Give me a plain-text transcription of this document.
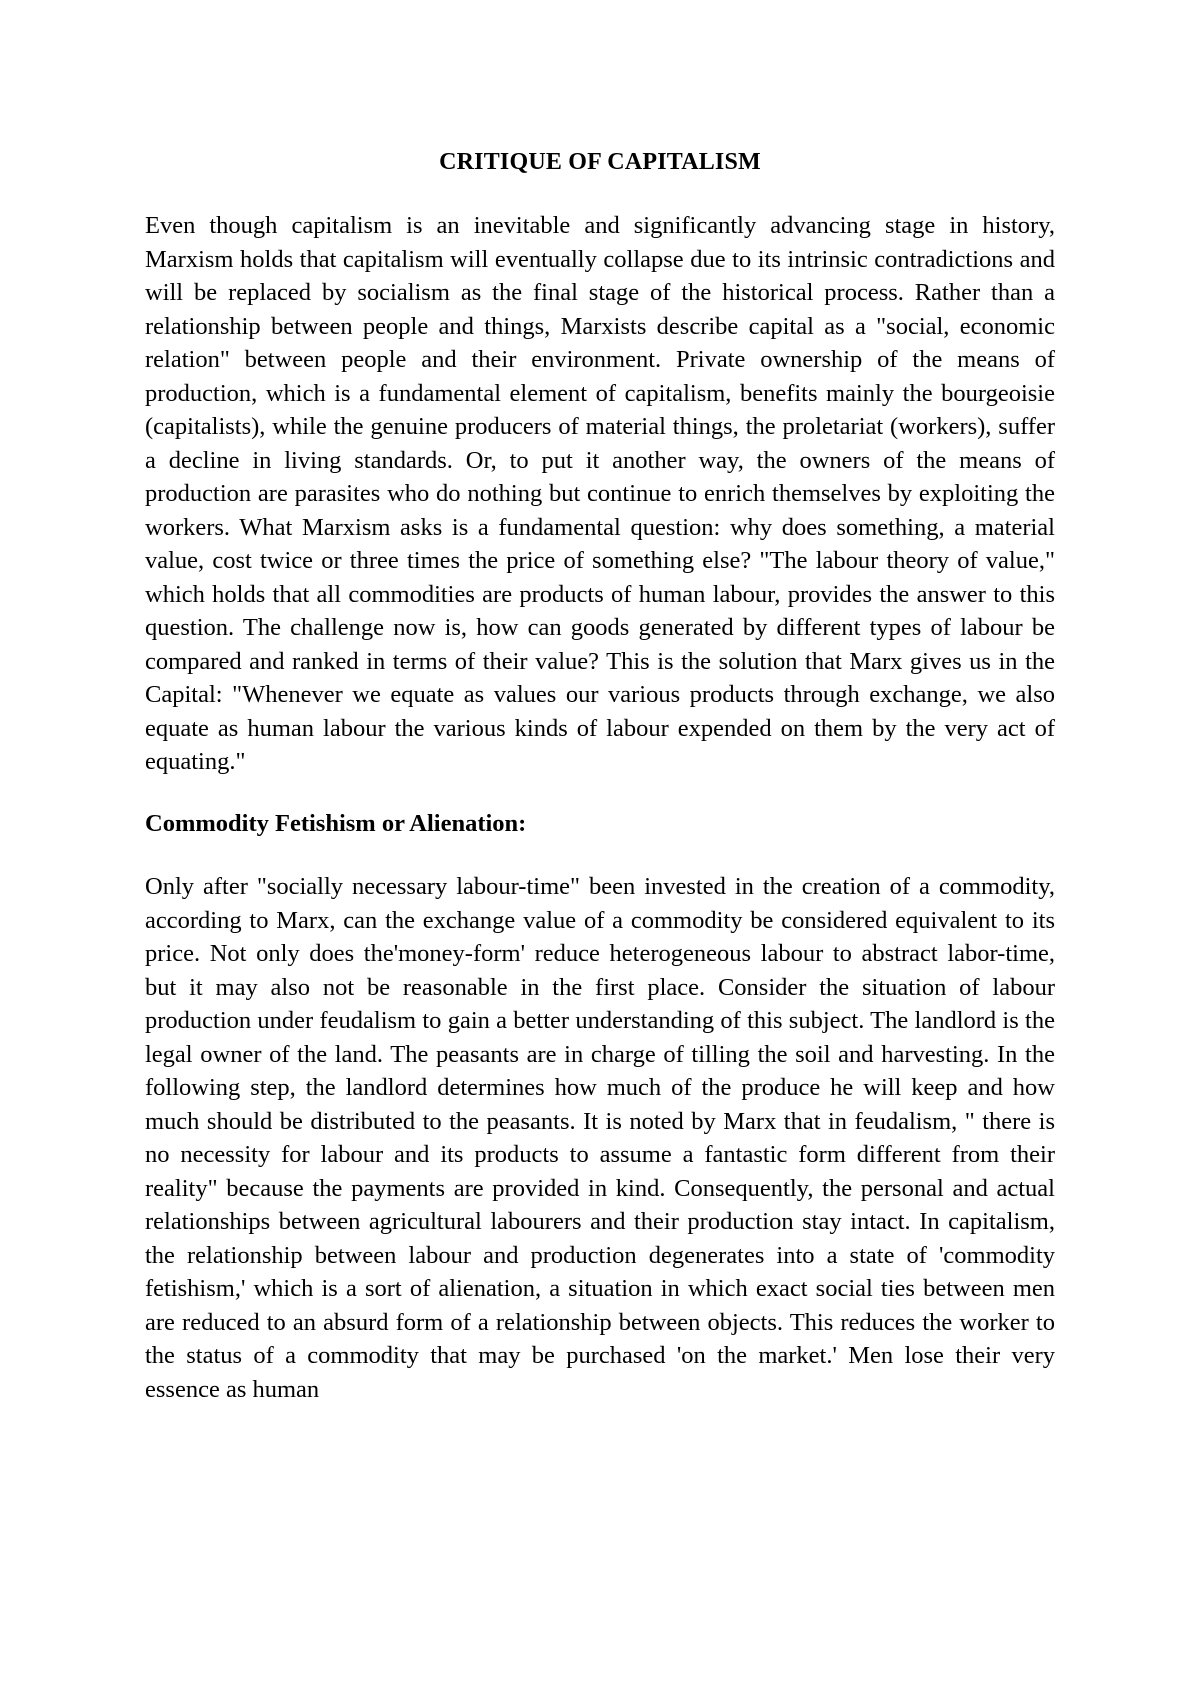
CRITIQUE OF CAPITALISM

Even though capitalism is an inevitable and significantly advancing stage in history, Marxism holds that capitalism will eventually collapse due to its intrinsic contradictions and will be replaced by socialism as the final stage of the historical process. Rather than a relationship between people and things, Marxists describe capital as a "social, economic relation" between people and their environment. Private ownership of the means of production, which is a fundamental element of capitalism, benefits mainly the bourgeoisie (capitalists), while the genuine producers of material things, the proletariat (workers), suffer a decline in living standards. Or, to put it another way, the owners of the means of production are parasites who do nothing but continue to enrich themselves by exploiting the workers. What Marxism asks is a fundamental question: why does something, a material value, cost twice or three times the price of something else? "The labour theory of value," which holds that all commodities are products of human labour, provides the answer to this question. The challenge now is, how can goods generated by different types of labour be compared and ranked in terms of their value? This is the solution that Marx gives us in the Capital: "Whenever we equate as values our various products through exchange, we also equate as human labour the various kinds of labour expended on them by the very act of equating."

Commodity Fetishism or Alienation:

Only after "socially necessary labour-time" been invested in the creation of a commodity, according to Marx, can the exchange value of a commodity be considered equivalent to its price. Not only does the'money-form' reduce heterogeneous labour to abstract labor-time, but it may also not be reasonable in the first place. Consider the situation of labour production under feudalism to gain a better understanding of this subject. The landlord is the legal owner of the land. The peasants are in charge of tilling the soil and harvesting. In the following step, the landlord determines how much of the produce he will keep and how much should be distributed to the peasants. It is noted by Marx that in feudalism, " there is no necessity for labour and its products to assume a fantastic form different from their reality" because the payments are provided in kind. Consequently, the personal and actual relationships between agricultural labourers and their production stay intact. In capitalism, the relationship between labour and production degenerates into a state of 'commodity fetishism,' which is a sort of alienation, a situation in which exact social ties between men are reduced to an absurd form of a relationship between objects. This reduces the worker to the status of a commodity that may be purchased 'on the market.' Men lose their very essence as human
